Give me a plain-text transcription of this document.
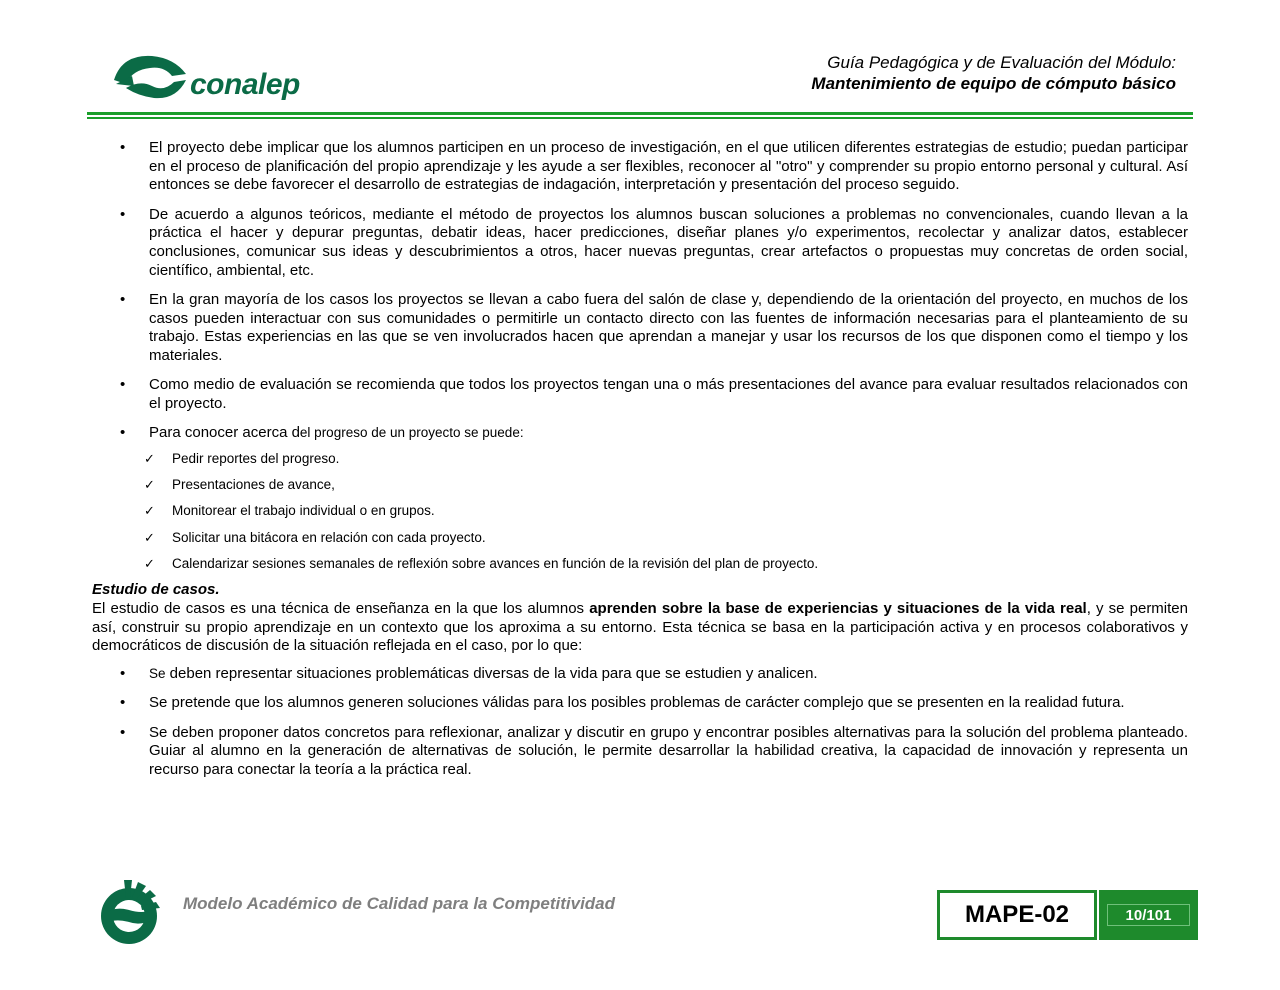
conalep
Guía Pedagógica y de Evaluación del Módulo:
Mantenimiento de equipo de cómputo básico
• El proyecto debe implicar que los alumnos participen en un proceso de investigación, en el que utilicen diferentes estrategias de estudio; puedan participar en el proceso de planificación del propio aprendizaje y les ayude a ser flexibles, reconocer al "otro" y comprender su propio entorno personal y cultural. Así entonces se debe favorecer el desarrollo de estrategias de indagación, interpretación y presentación del proceso seguido.
• De acuerdo a algunos teóricos, mediante el método de proyectos los alumnos buscan soluciones a problemas no convencionales, cuando llevan a la práctica el hacer y depurar preguntas, debatir ideas, hacer predicciones, diseñar planes y/o experimentos, recolectar y analizar datos, establecer conclusiones, comunicar sus ideas y descubrimientos a otros, hacer nuevas preguntas, crear artefactos o propuestas muy concretas de orden social, científico, ambiental, etc.
• En la gran mayoría de los casos los proyectos se llevan a cabo fuera del salón de clase y, dependiendo de la orientación del proyecto, en muchos de los casos pueden interactuar con sus comunidades o permitirle un contacto directo con las fuentes de información necesarias para el planteamiento de su trabajo. Estas experiencias en las que se ven involucrados hacen que aprendan a manejar y usar los recursos de los que disponen como el tiempo y los materiales.
• Como medio de evaluación se recomienda que todos los proyectos tengan una o más presentaciones del avance para evaluar resultados relacionados con el proyecto.
• Para conocer acerca del progreso de un proyecto se puede:
✓ Pedir reportes del progreso.
✓ Presentaciones de avance,
✓ Monitorear el trabajo individual o en grupos.
✓ Solicitar una bitácora en relación con cada proyecto.
✓ Calendarizar sesiones semanales de reflexión sobre avances en función de la revisión del plan de proyecto.

Estudio de casos.

El estudio de casos es una técnica de enseñanza en la que los alumnos aprenden sobre la base de experiencias y situaciones de la vida real, y se permiten así, construir su propio aprendizaje en un contexto que los aproxima a su entorno. Esta técnica se basa en la participación activa y en procesos colaborativos y democráticos de discusión de la situación reflejada en el caso, por lo que:

• Se deben representar situaciones problemáticas diversas de la vida para que se estudien y analicen.
• Se pretende que los alumnos generen soluciones válidas para los posibles problemas de carácter complejo que se presenten en la realidad futura.
• Se deben proponer datos concretos para reflexionar, analizar y discutir en grupo y encontrar posibles alternativas para la solución del problema planteado. Guiar al alumno en la generación de alternativas de solución, le permite desarrollar la habilidad creativa, la capacidad de innovación y representa un recurso para conectar la teoría a la práctica real.
Modelo Académico de Calidad para la Competitividad	MAPE-02	10/101
